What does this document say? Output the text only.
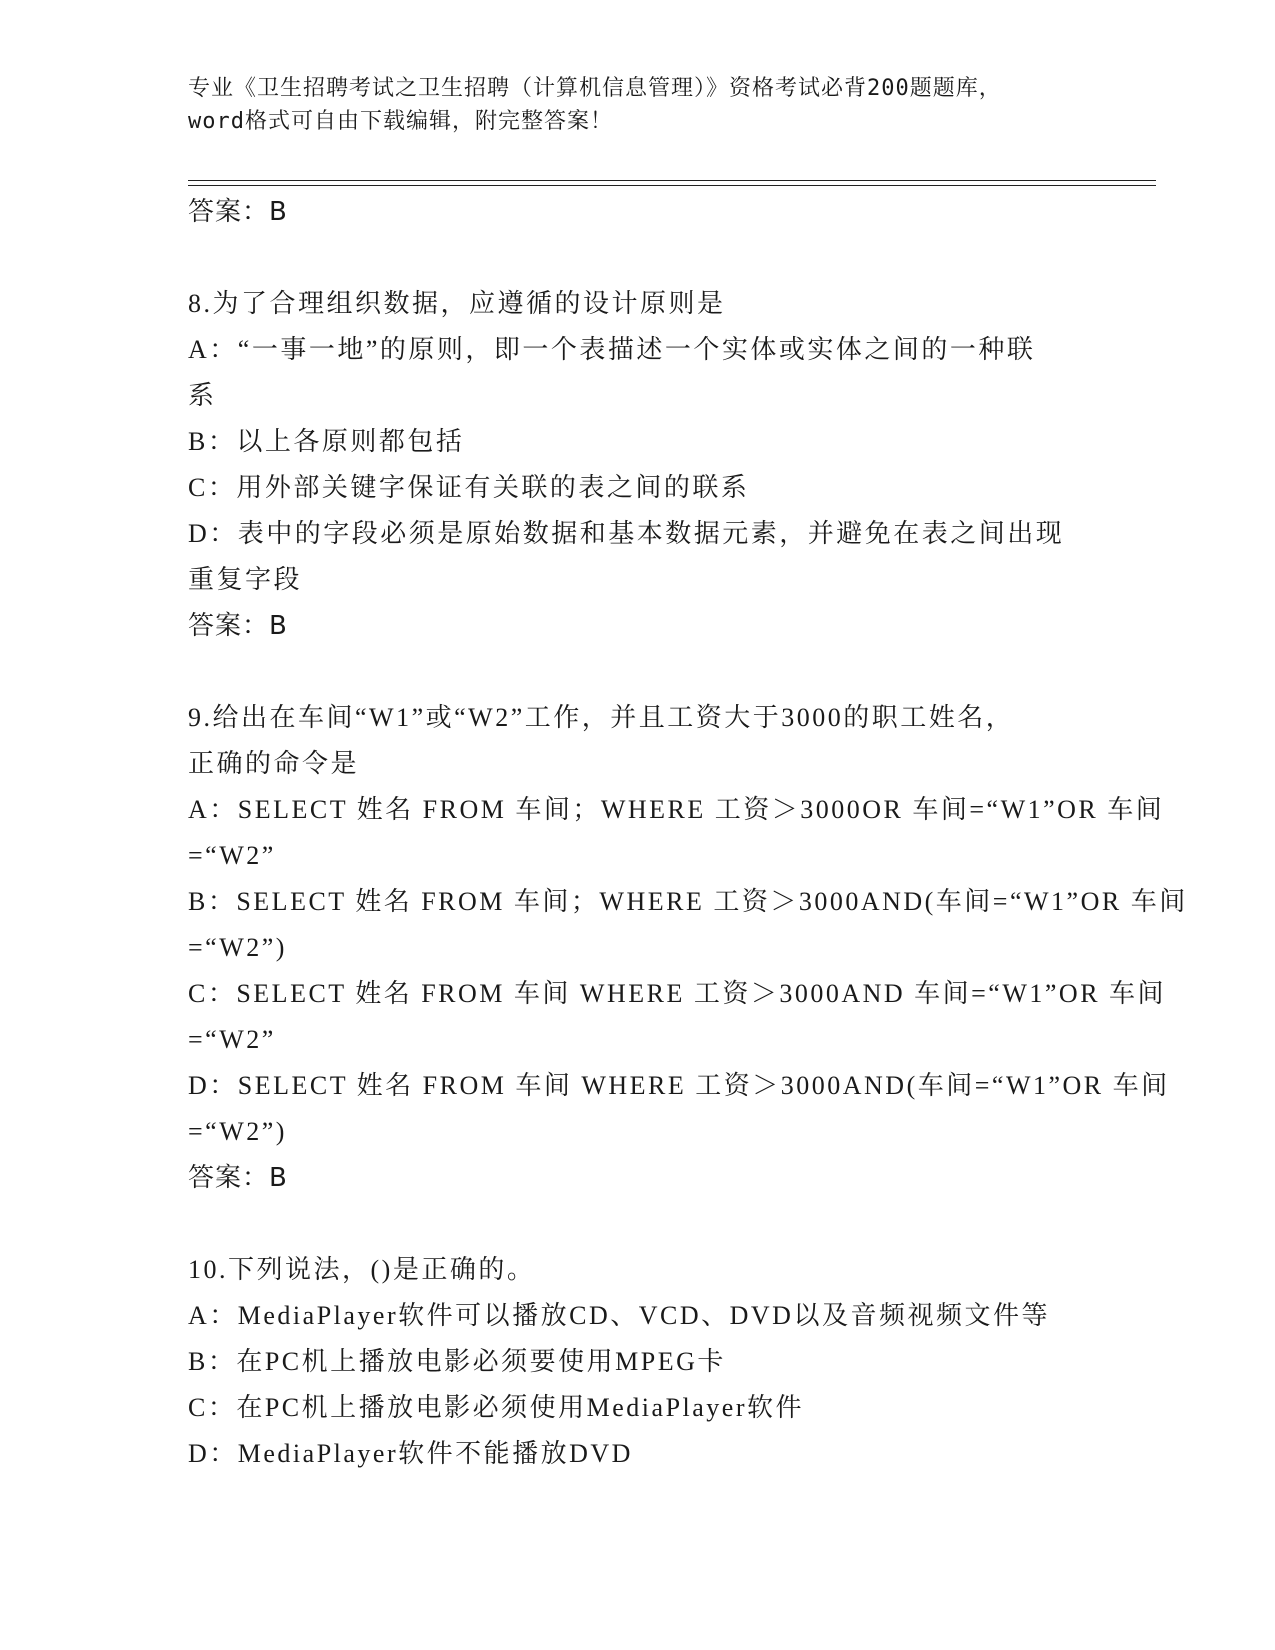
专业《卫生招聘考试之卫生招聘（计算机信息管理）》资格考试必背200题题库，
word格式可自由下载编辑，附完整答案！
答案：B
8.为了合理组织数据，应遵循的设计原则是
A：“一事一地”的原则，即一个表描述一个实体或实体之间的一种联
系
B：以上各原则都包括
C：用外部关键字保证有关联的表之间的联系
D：表中的字段必须是原始数据和基本数据元素，并避免在表之间出现
重复字段
答案：B
9.给出在车间“W1”或“W2”工作，并且工资大于3000的职工姓名，
正确的命令是
A：SELECT 姓名 FROM 车间；WHERE 工资＞3000OR 车间=“W1”OR 车间
=“W2”
B：SELECT 姓名 FROM 车间；WHERE 工资＞3000AND(车间=“W1”OR 车间
=“W2”)
C：SELECT 姓名 FROM 车间 WHERE 工资＞3000AND 车间=“W1”OR 车间
=“W2”
D：SELECT 姓名 FROM 车间 WHERE 工资＞3000AND(车间=“W1”OR 车间
=“W2”)
答案：B
10.下列说法，()是正确的。
A：MediaPlayer软件可以播放CD、VCD、DVD以及音频视频文件等
B：在PC机上播放电影必须要使用MPEG卡
C：在PC机上播放电影必须使用MediaPlayer软件
D：MediaPlayer软件不能播放DVD
